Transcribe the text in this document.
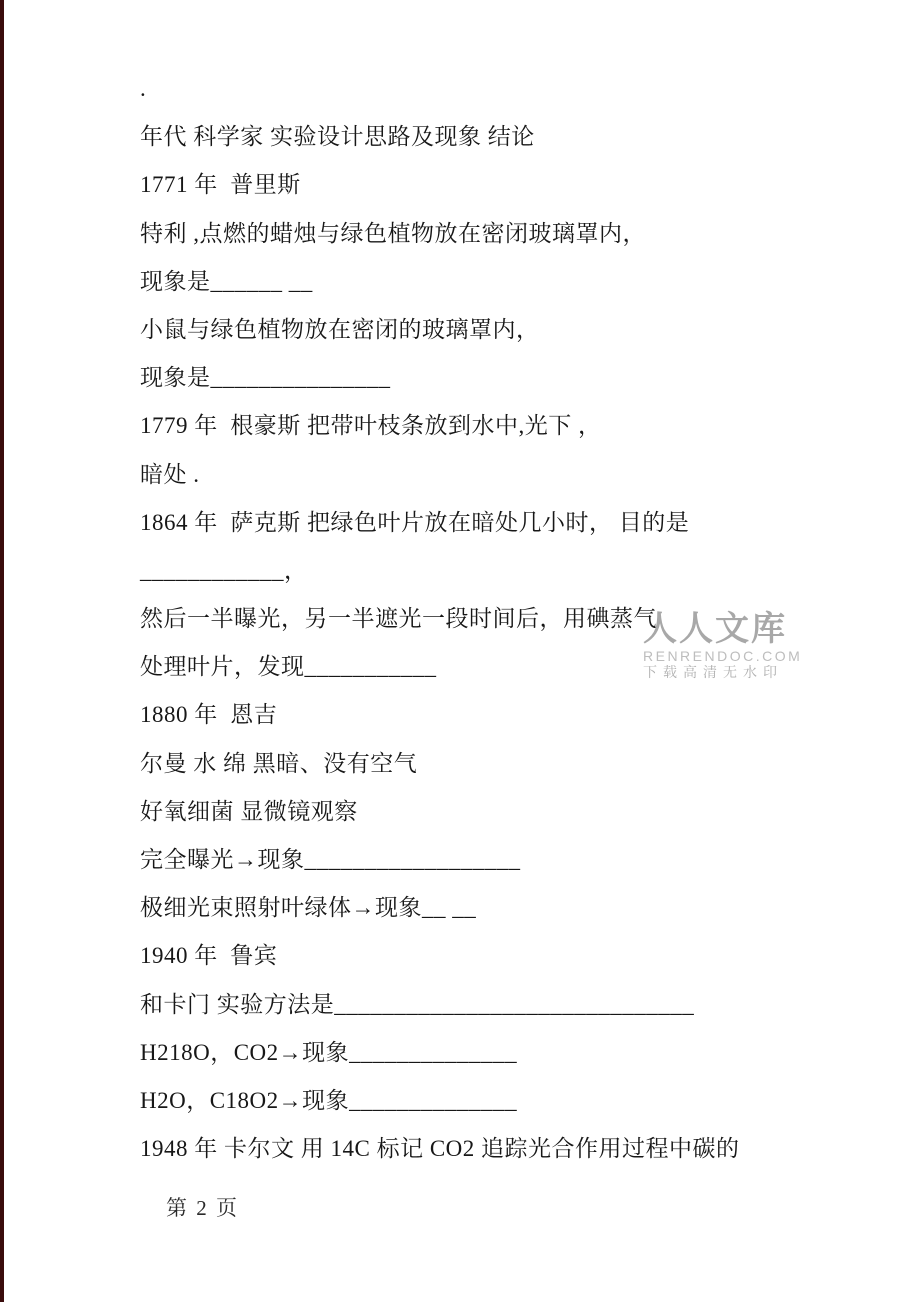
.
年代 科学家 实验设计思路及现象 结论
1771 年  普里斯
特利 ,点燃的蜡烛与绿色植物放在密闭玻璃罩内，
现象是______ __
小鼠与绿色植物放在密闭的玻璃罩内，
现象是_______________
1779 年  根豪斯 把带叶枝条放到水中,光下 ，
暗处 .
1864 年  萨克斯 把绿色叶片放在暗处几小时， 目的是
____________，
然后一半曝光，另一半遮光一段时间后，用碘蒸气
处理叶片，发现___________
1880 年  恩吉
尔曼 水 绵 黑暗、没有空气
好氧细菌 显微镜观察
完全曝光→现象__________________
极细光束照射叶绿体→现象__ __
1940 年  鲁宾
和卡门 实验方法是______________________________
H218O，CO2→现象______________
H2O，C18O2→现象______________
1948 年 卡尔文 用 14C 标记 CO2 追踪光合作用过程中碳的
人人文库
RENRENDOC.COM
下载高清无水印
第 2 页
